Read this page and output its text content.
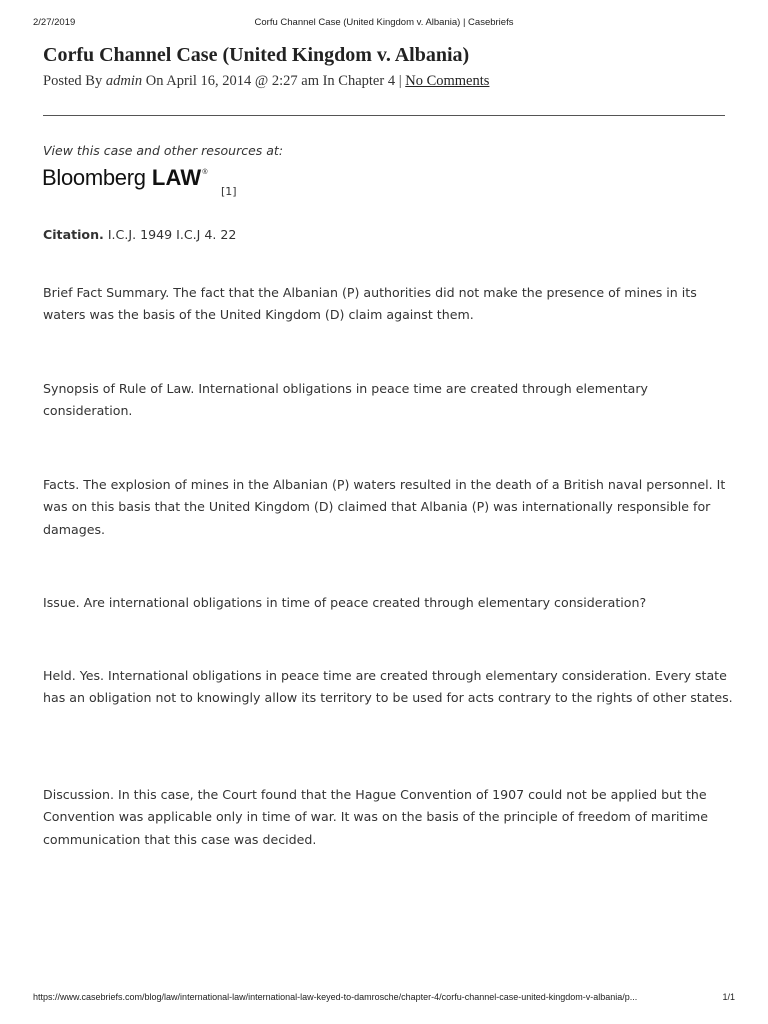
2/27/2019	Corfu Channel Case (United Kingdom v. Albania) | Casebriefs
Corfu Channel Case (United Kingdom v. Albania)
Posted By admin On April 16, 2014 @ 2:27 am In Chapter 4 | No Comments
View this case and other resources at:
Bloomberg LAW®
[1]

Citation. I.C.J. 1949 I.C.J 4. 22

Brief Fact Summary. The fact that the Albanian (P) authorities did not make the presence of mines in its waters was the basis of the United Kingdom (D) claim against them.

Synopsis of Rule of Law. International obligations in peace time are created through elementary consideration.

Facts. The explosion of mines in the Albanian (P) waters resulted in the death of a British naval personnel. It was on this basis that the United Kingdom (D) claimed that Albania (P) was internationally responsible for damages.

Issue. Are international obligations in time of peace created through elementary consideration?

Held. Yes. International obligations in peace time are created through elementary consideration. Every state has an obligation not to knowingly allow its territory to be used for acts contrary to the rights of other states.

Discussion. In this case, the Court found that the Hague Convention of 1907 could not be applied but the Convention was applicable only in time of war. It was on the basis of the principle of freedom of maritime communication that this case was decided.

https://www.casebriefs.com/blog/law/international-law/international-law-keyed-to-damrosche/chapter-4/corfu-channel-case-united-kingdom-v-albania/p...	1/1
